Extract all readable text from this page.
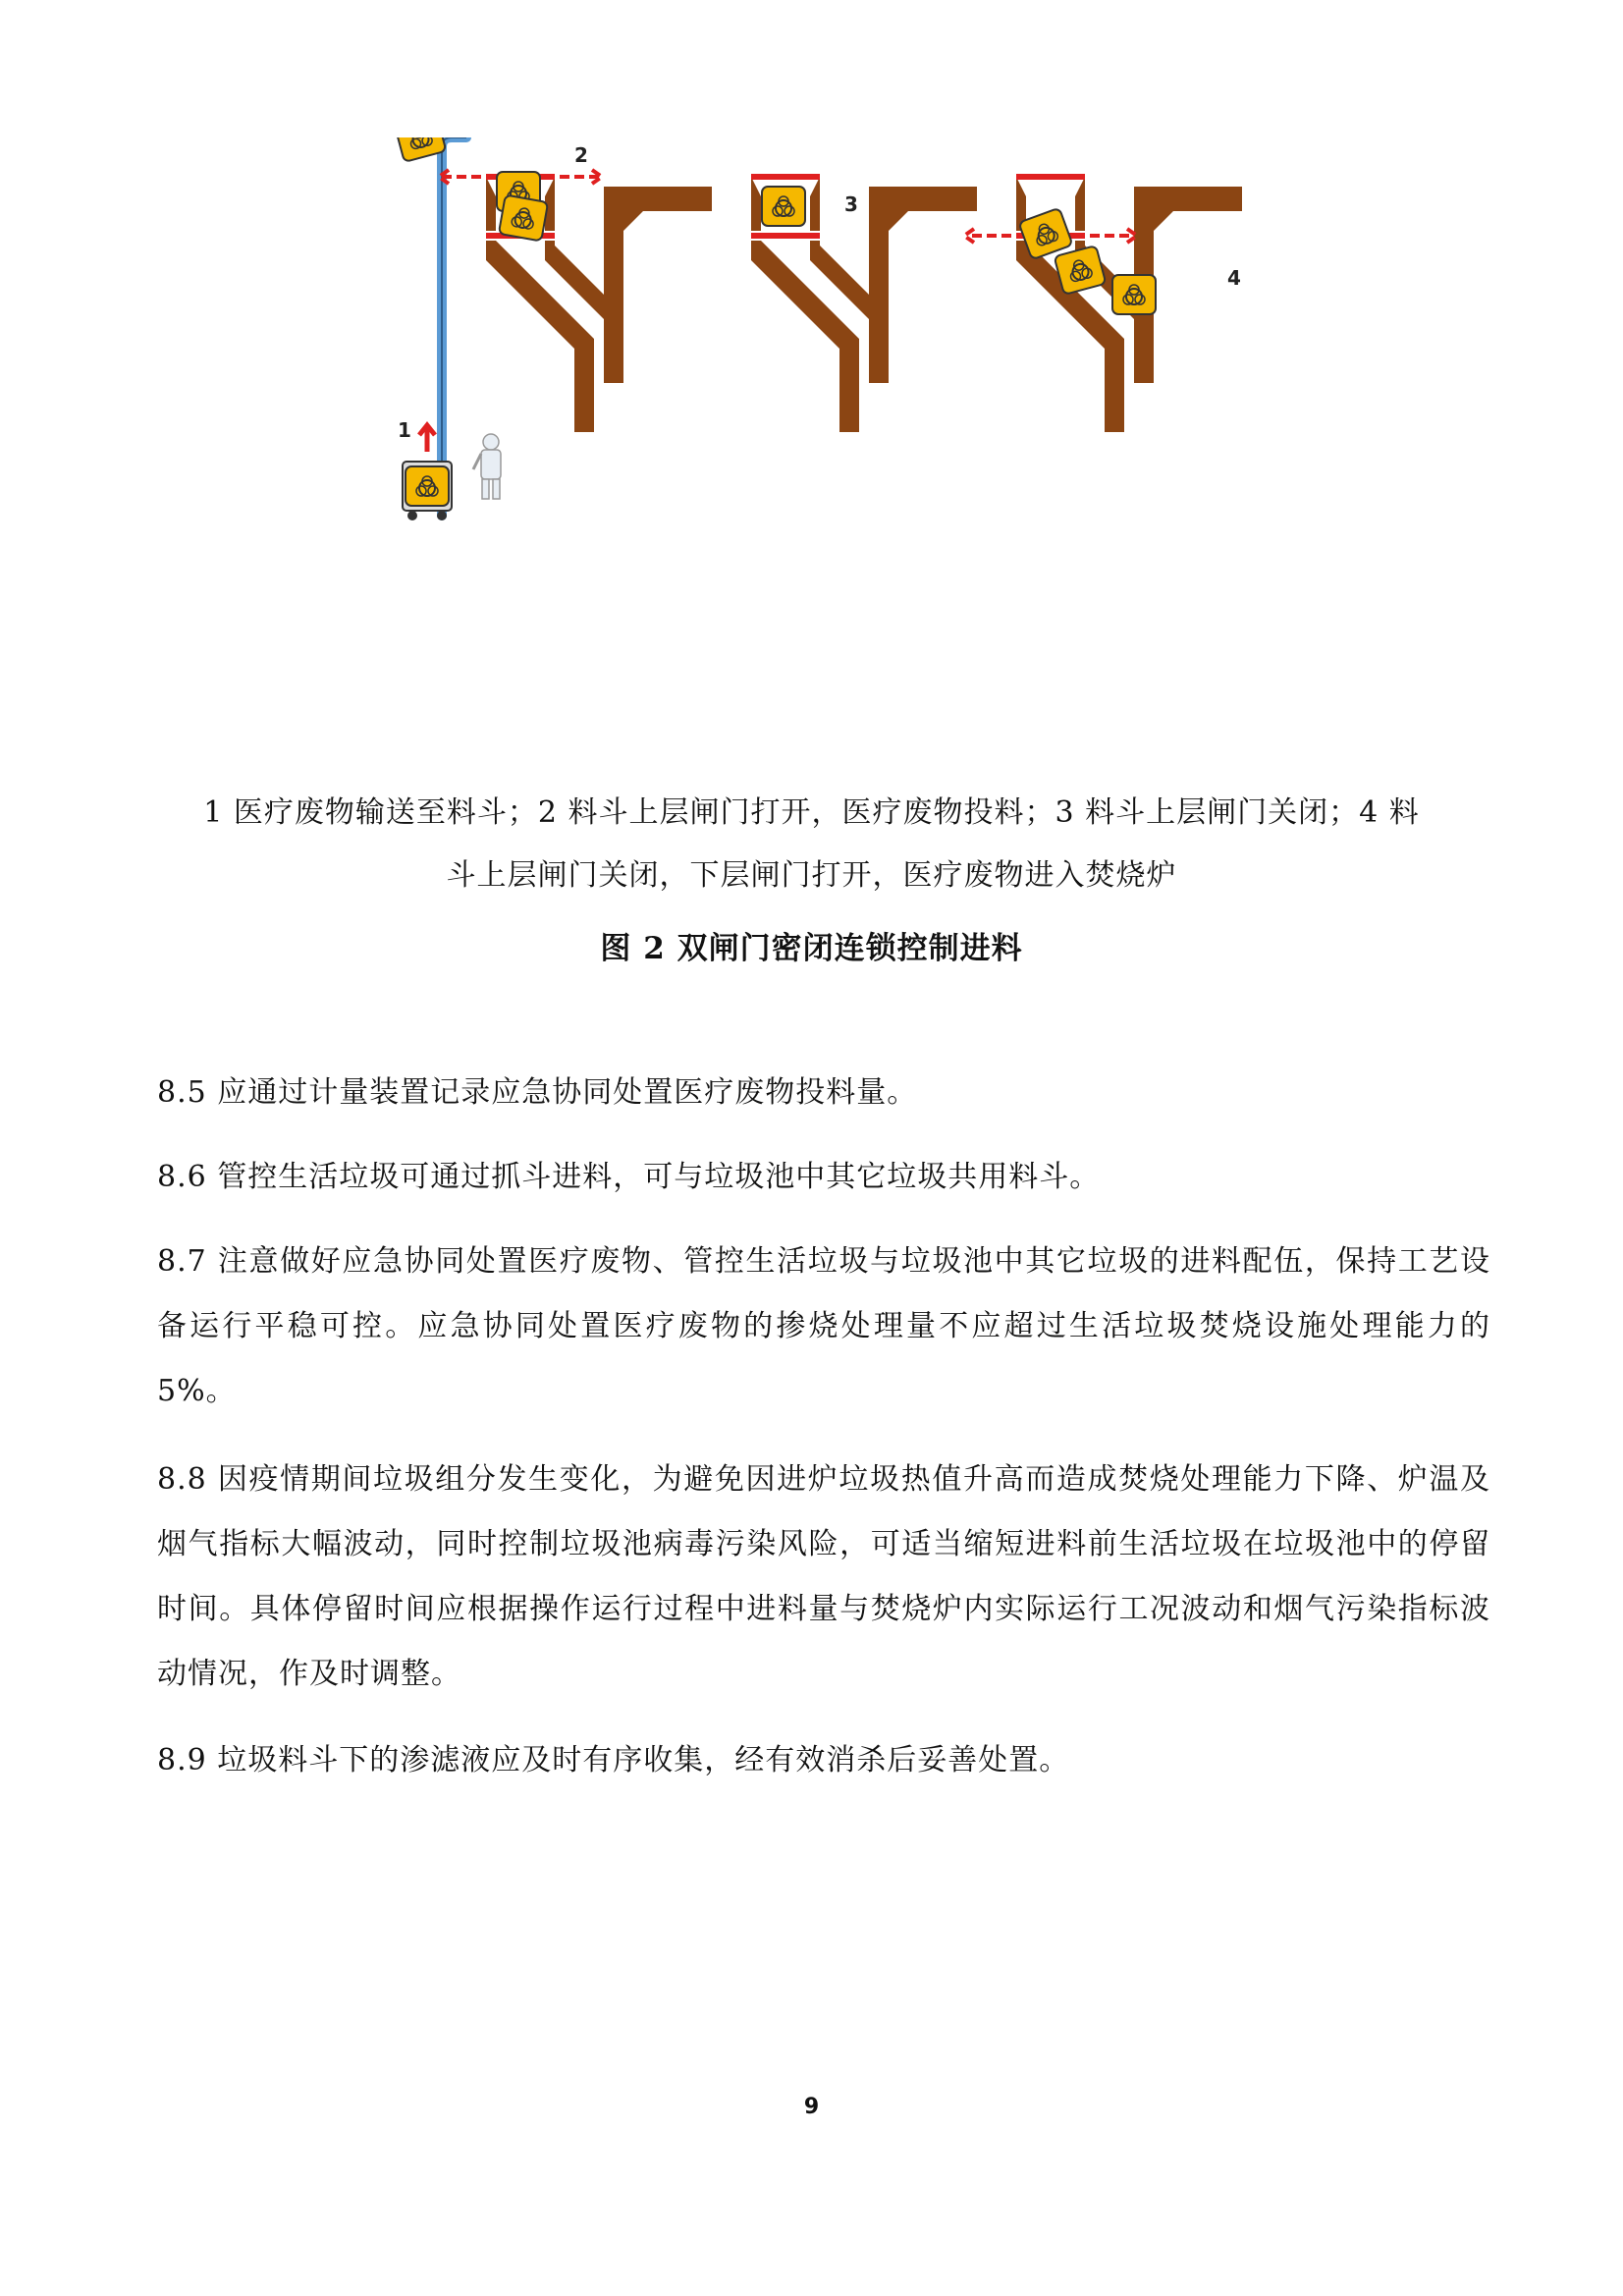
1
2
3
4
1 医疗废物输送至料斗；2 料斗上层闸门打开，医疗废物投料；3 料斗上层闸门关闭；4 料
斗上层闸门关闭，下层闸门打开，医疗废物进入焚烧炉
图 2 双闸门密闭连锁控制进料
8.5 应通过计量装置记录应急协同处置医疗废物投料量。
8.6 管控生活垃圾可通过抓斗进料，可与垃圾池中其它垃圾共用料斗。
8.7 注意做好应急协同处置医疗废物、管控生活垃圾与垃圾池中其它垃圾的进料配伍，保持工艺设备运行平稳可控。应急协同处置医疗废物的掺烧处理量不应超过生活垃圾焚烧设施处理能力的 5%。
8.8 因疫情期间垃圾组分发生变化，为避免因进炉垃圾热值升高而造成焚烧处理能力下降、炉温及烟气指标大幅波动，同时控制垃圾池病毒污染风险，可适当缩短进料前生活垃圾在垃圾池中的停留时间。具体停留时间应根据操作运行过程中进料量与焚烧炉内实际运行工况波动和烟气污染指标波动情况，作及时调整。
8.9 垃圾料斗下的渗滤液应及时有序收集，经有效消杀后妥善处置。
9
